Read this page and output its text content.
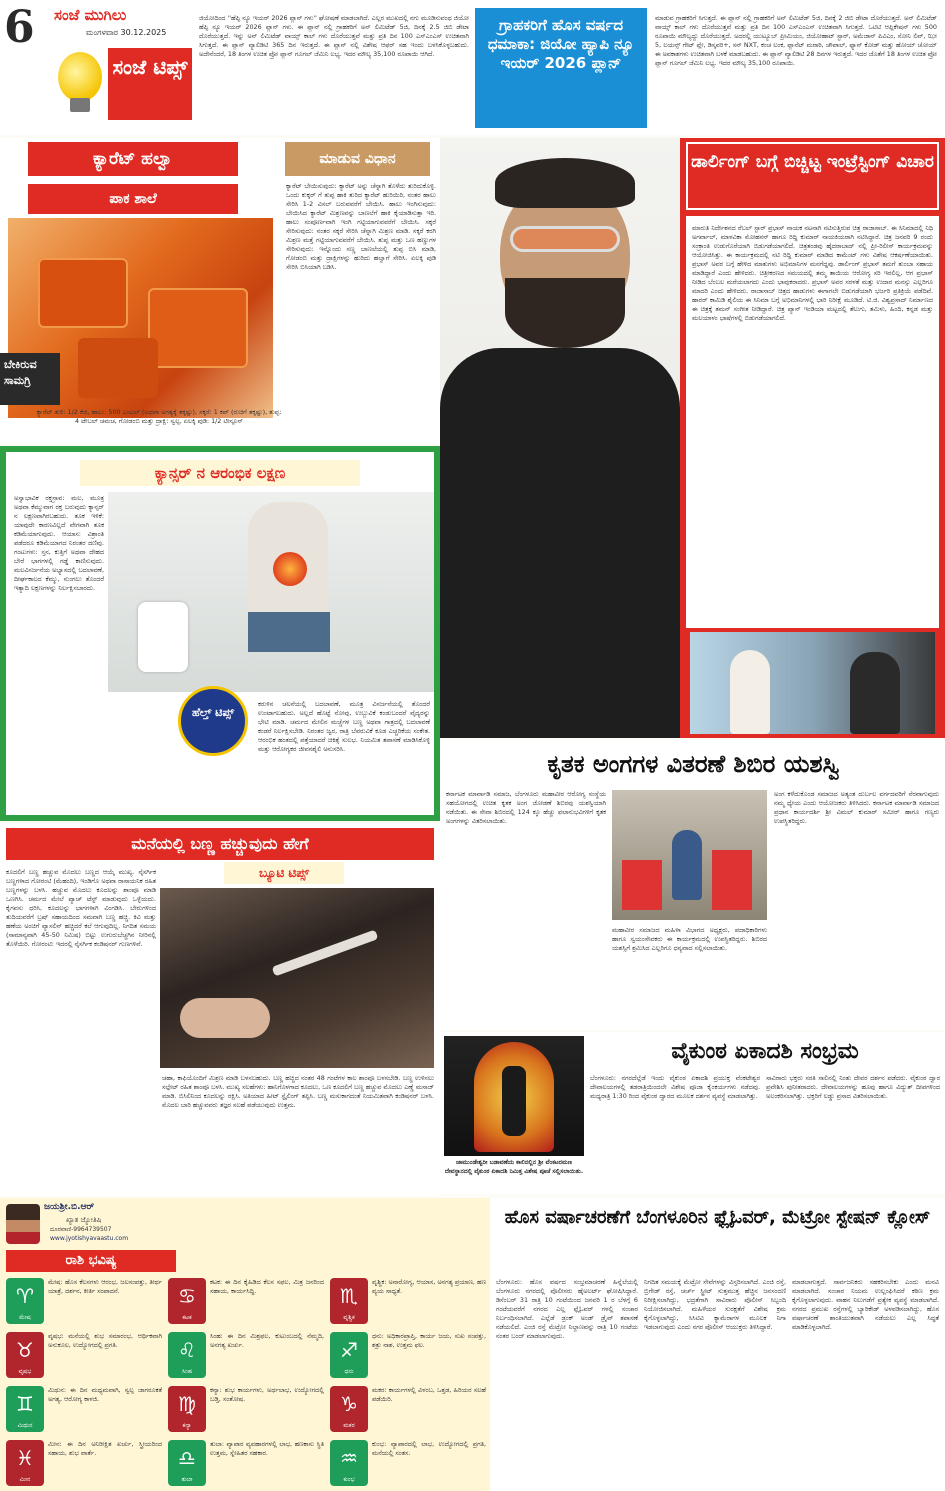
6 ಸಂಜೆ ಮುಗಿಲು
ಮಂಗಳವಾರ 30.12.2025
ಸಂಜೆ ಟಿಪ್ಸ್
ಜಿಯೋದಿಂದ ''ಹೆಪ್ಪಿ ನ್ಯೂ ಇಯರ್ 2026 ಪ್ಲಾನ್ ಗಳು'' ಘೋಷಣೆ ಮಾಡಲಾಗಿದೆ. ಎಲ್ಲರ ಮುಖದಲ್ಲಿ ನಗು ಮೂಡಿಸುವಂಥ ಜಿಯೋ ಹೆಪ್ಪಿ ನ್ಯೂ ಇಯರ್ 2026 ಪ್ಲಾನ್ ಗಳು. ಈ ಪ್ಲಾನ್ ನಲ್ಲಿ ಗ್ರಾಹಕರಿಗೆ ಅನ್ ಲಿಮಿಟೆಡ್ 5ಜಿ, ದಿನಕ್ಕೆ 2.5 ಜಿಬಿ ಡೇಟಾ ದೊರೆಯುತ್ತದೆ. ಇನ್ನು ಅನ್ ಲಿಮಿಟೆಡ್ ವಾಯ್ಸ್ ಕಾಲ್ ಗಳು ದೊರೆಯುತ್ತವೆ ಮತ್ತು ಪ್ರತಿ ದಿನ 100 ಎಸ್ಎಂಎಸ್ ಉಚಿತವಾಗಿ ಸಿಗುತ್ತದೆ. ಈ ಪ್ಲಾನ್ ವ್ಯಾಲಿಡಿಟಿ 365 ದಿನ ಇರುತ್ತದೆ. ಈ ಪ್ಲಾನ್ ನಲ್ಲಿ ವಿಶೇಷ ಆಫರ್ ಸಹ ಇಂದು ಬಳಸಿಕೊಳ್ಳಬಹುದು. ಅದೇನೆಂದರೆ, 18 ತಿಂಗಳ ಉಚಿತ ಪ್ರೋ ಪ್ಲಾನ್ ಗೂಗಲ್ ಜೆಮಿನಿ ಲಭ್ಯ. ಇದರ ಮೌಲ್ಯ 35,100 ರೂಪಾಯಿ ಆಗಿದೆ.
ಗ್ರಾಹಕರಿಗೆ ಹೊಸ ವರ್ಷದ ಧಮಾಕಾ: ಜಿಯೋ ಹ್ಯಾಪಿ ನ್ಯೂ ಇಯರ್ 2026 ಪ್ಲಾನ್
ಮಾಡುವ ಗ್ರಾಹಕರಿಗೆ ಸಿಗುತ್ತದೆ. ಈ ಪ್ಲಾನ್ ನಲ್ಲಿ ಗ್ರಾಹಕರಿಗೆ ಅನ್ ಲಿಮಿಟೆಡ್ 5ಜಿ, ದಿನಕ್ಕೆ 2 ಜಿಬಿ ಡೇಟಾ ದೊರೆಯುತ್ತದೆ. ಅನ್ ಲಿಮಿಟೆಡ್ ವಾಯ್ಸ್ ಕಾಲ್ ಗಳು ದೊರೆಯುತ್ತವೆ ಮತ್ತು ಪ್ರತಿ ದಿನ 100 ಎಸ್ಎಂಎಸ್ ಉಚಿತವಾಗಿ ಸಿಗುತ್ತದೆ. ಒಟಿಟಿ ಆಪ್ಲಿಕೇಷನ್ ಗಳು 500 ರೂಪಾಯಿ ಮೌಲ್ಯದ್ದು ದೊರೆಯುತ್ತದೆ. ಅದರಲ್ಲಿ ಯುಟ್ಯೂಬ್ ಪ್ರೀಮಿಯಂ, ಜಿಯೋಹಾಟ್ ಸ್ಟಾರ್, ಅಮೆಜಾನ್ ಪಿವಿಎಂ, ಸೋನಿ ಲಿವ್, ಝೀ 5, ಲಯನ್ಸ್ ಗೇಟ್ ಪ್ಲೇ, ಡಿಸ್ಕವರಿ+, ಸನ್ NXT, ಕಂಚ ಲಂಕ, ಪ್ಲಾನೆಟ್ ಮರಾಠಿ, ಚೌಪಾಲ್, ಫ್ಯಾನ್ ಕೋಡ್ ಮತ್ತು ಹೋಯ್ ಚೋಯ್ ಈ ಅವಕಾಶಗಳು ಉಚಿತವಾಗಿ ಬಳಕೆ ಮಾಡಬಹುದು. ಈ ಪ್ಲಾನ್ ವ್ಯಾಲಿಡಿಟಿ 28 ದಿನಗಳ ಇರುತ್ತದೆ. ಇದರ ಜೊತೆಗೆ 18 ತಿಂಗಳ ಉಚಿತ ಪ್ರೋ ಪ್ಲಾನ್ ಗೂಗಲ್ ಜೆಮಿನಿ ಲಭ್ಯ. ಇದರ ಮೌಲ್ಯ 35,100 ರೂಪಾಯಿ.
ಕ್ಯಾರೆಟ್ ಹಲ್ವಾ	ಮಾಡುವ ವಿಧಾನ
ಪಾಕ ಶಾಲೆ
ಬೇಕಿರುವ ಸಾಮಗ್ರಿ
ಕ್ಯಾರೆಟ್ ತುರಿ: 1/2 ಕೆಜಿ, ಹಾಲು: 500 ಎಂಎಲ್ (ಅಥವಾ ಅಗತ್ಯಕ್ಕೆ ತಕ್ಕಷ್ಟು), ಸಕ್ಕರೆ: 1 ಕಪ್ (ರುಚಿಗೆ ತಕ್ಕಷ್ಟು), ತುಪ್ಪ: 4 ಟೇಬಲ್ ಚಮಚ, ಗೋಡಂಬಿ ಮತ್ತು ದ್ರಾಕ್ಷಿ: ಸ್ವಲ್ಪ, ಏಲಕ್ಕಿ ಪುಡಿ: 1/2 ಟೀಸ್ಪೂನ್
ಕ್ಯಾರೆಟ್ ಬೇಯಿಸುವುದು: ಕ್ಯಾರೆಟ್ ಅನ್ನು ಚೆನ್ನಾಗಿ ತೊಳೆದು ತುರಿದುಕೊಳ್ಳಿ. ಒಂದು ಕುಕ್ಕರ್ ಗೆ ತುಪ್ಪ ಹಾಕಿ ತುರಿದ ಕ್ಯಾರೆಟ್ ಹುರಿಯಿರಿ, ನಂತರ ಹಾಲು ಸೇರಿಸಿ 1-2 ವಿಸಲ್ ಬರುವವರೆಗೆ ಬೇಯಿಸಿ. ಹಾಲು ಇಂಗಿಸುವುದು: ಬೇಯಿಸಿದ ಕ್ಯಾರೆಟ್ ಮಿಶ್ರಣವನ್ನು ಬಾಣಲೆಗೆ ಹಾಕಿ ಕೈಯಾಡಿಸುತ್ತಾ ಇರಿ. ಹಾಲು ಸಂಪೂರ್ಣವಾಗಿ ಇಂಗಿ ಗಟ್ಟಿಯಾಗುವವರೆಗೆ ಬೇಯಿಸಿ. ಸಕ್ಕರೆ ಸೇರಿಸುವುದು: ನಂತರ ಸಕ್ಕರೆ ಸೇರಿಸಿ ಚೆನ್ನಾಗಿ ಮಿಶ್ರಣ ಮಾಡಿ. ಸಕ್ಕರೆ ಕರಗಿ ಮಿಶ್ರಣ ಮತ್ತೆ ಗಟ್ಟಿಯಾಗುವವರೆಗೆ ಬೇಯಿಸಿ. ತುಪ್ಪ ಮತ್ತು ಒಣ ಹಣ್ಣುಗಳ ಸೇರಿಸುವುದು: ಇನ್ನೊಂದು ಸಣ್ಣ ಬಾಣಲೆಯಲ್ಲಿ ತುಪ್ಪ ಬಿಸಿ ಮಾಡಿ, ಗೋಡಂಬಿ ಮತ್ತು ದ್ರಾಕ್ಷಿಗಳನ್ನು ಹುರಿದು ಹಲ್ವಾಗೆ ಸೇರಿಸಿ. ಏಲಕ್ಕಿ ಪುಡಿ ಸೇರಿಸಿ ಬಿಸಿಯಾಗಿ ಬಡಿಸಿ.
ಕ್ಯಾನ್ಸರ್ ನ ಆರಂಭಿಕ ಲಕ್ಷಣ
ಅಸ್ವಾಭಾವಿಕ ರಕ್ತಸ್ರಾವ: ಮಲ, ಮೂತ್ರ ಅಥವಾ ಕೆಮ್ಮುವಾಗ ರಕ್ತ ಬರುವುದು ಕ್ಯಾನ್ಸರ್ ನ ಲಕ್ಷಣವಾಗಿರಬಹುದು. ತೂಕ ಇಳಿಕೆ: ಯಾವುದೇ ಕಾರಣವಿಲ್ಲದೆ ವೇಗವಾಗಿ ತೂಕ ಕಡಿಮೆಯಾಗುವುದು. ಆಯಾಸ: ವಿಶ್ರಾಂತಿ ಪಡೆದರೂ ಕಡಿಮೆಯಾಗದ ನಿರಂತರ ದಣಿವು. ಗಂಟುಗಳು: ಸ್ತನ, ಕುತ್ತಿಗೆ ಅಥವಾ ದೇಹದ ಬೇರೆ ಭಾಗಗಳಲ್ಲಿ ಗಡ್ಡೆ ಕಾಣಿಸುವುದು. ಮಲವಿಸರ್ಜನೆಯ ಅಭ್ಯಾಸದಲ್ಲಿ ಬದಲಾವಣೆ, ದೀರ್ಘಕಾಲದ ಕೆಮ್ಮು, ನುಂಗಲು ತೊಂದರೆ ಇತ್ಯಾದಿ ಲಕ್ಷಣಗಳನ್ನು ನಿರ್ಲಕ್ಷಿಸಬಾರದು.
ಹೆಲ್ತ್ ಟಿಪ್ಸ್
ಕರುಳಿನ ಚಲನೆಯಲ್ಲಿ ಬದಲಾವಣೆ, ಮೂತ್ರ ವಿಸರ್ಜನೆಯಲ್ಲಿ ತೊಂದರೆ ಉಂಟಾಗಬಹುದು. ಅಲ್ಲದೆ ಹೊಟ್ಟೆ ನೋವು, ಉಬ್ಬುವಿಕೆ ಕಂಡುಬಂದರೆ ವೈದ್ಯರನ್ನು ಭೇಟಿ ಮಾಡಿ. ಚರ್ಮದ ಮೇಲಿನ ಮಚ್ಚೆಗಳ ಬಣ್ಣ ಅಥವಾ ಗಾತ್ರದಲ್ಲಿ ಬದಲಾವಣೆ ಕಂಡರೆ ನಿರ್ಲಕ್ಷಿಸಬೇಡಿ. ನಿರಂತರ ಜ್ವರ, ರಾತ್ರಿ ಬೆವರುವಿಕೆ ಕೂಡ ಎಚ್ಚರಿಕೆಯ ಸಂಕೇತ. ಆರಂಭಿಕ ಹಂತದಲ್ಲಿ ಪತ್ತೆಯಾದರೆ ಚಿಕಿತ್ಸೆ ಸುಲಭ. ನಿಯಮಿತ ತಪಾಸಣೆ ಮಾಡಿಸಿಕೊಳ್ಳಿ ಮತ್ತು ಆರೋಗ್ಯಕರ ಜೀವನಶೈಲಿ ಅನುಸರಿಸಿ.
ಡಾರ್ಲಿಂಗ್ ಬಗ್ಗೆ ಬಿಚ್ಚಿಟ್ಟ ಇಂಟ್ರೆಸ್ಟಿಂಗ್ ವಿಚಾರ
ಮಾರುತಿ ನಿರ್ದೇಶನದ ರೆಬಲ್ ಸ್ಟಾರ್ ಪ್ರಭಾಸ್ ನಾಯಕ ನಟನಾಗಿ ನಟಿಸುತ್ತಿರುವ ಚಿತ್ರ ರಾಜಾಸಾಬ್. ಈ ಸಿನಿಮಾದಲ್ಲಿ ನಿಧಿ ಅಗರ್ವಾಲ್, ಮಾಳವಿಕಾ ಮೋಹನನ್ ಹಾಗೂ ರಿದ್ಧಿ ಕುಮಾರ್ ನಾಯಕಿಯರಾಗಿ ನಟಿಸಿದ್ದಾರೆ. ಚಿತ್ರ ಜನವರಿ 9 ರಂದು ಸಂಕ್ರಾಂತಿ ಉಡುಗೊರೆಯಾಗಿ ಬಿಡುಗಡೆಯಾಗಲಿದೆ. ಚಿತ್ರತಂಡವು ಹೈದರಾಬಾದ್ ನಲ್ಲಿ ಪ್ರೀ-ರಿಲೀಸ್ ಕಾರ್ಯಕ್ರಮವನ್ನು ಆಯೋಜಿಸಿತ್ತು. ಈ ಕಾರ್ಯಕ್ರಮದಲ್ಲಿ ನಟಿ ರಿದ್ಧಿ ಕುಮಾರ್ ಮಾಡಿದ ಕಾಮೆಂಟ್ ಗಳು ವಿಶೇಷ ಆಕರ್ಷಣೆಯಾಯಿತು. ಪ್ರಭಾಸ್ ಅವರ ಬಗ್ಗೆ ಹೇಳಿದ ಮಾತುಗಳು ಅಭಿಮಾನಿಗಳ ಮನಗೆದ್ದವು. ಡಾರ್ಲಿಂಗ್ ಪ್ರಭಾಸ್ ತಮಗೆ ತುಂಬಾ ಸಹಾಯ ಮಾಡಿದ್ದಾರೆ ಎಂದು ಹೇಳಿದರು. ಚಿತ್ರೀಕರಣದ ಸಮಯದಲ್ಲಿ ತಮ್ಮ ತಾಯಿಯ ಆರೋಗ್ಯ ಸರಿ ಇರಲಿಲ್ಲ, ಆಗ ಪ್ರಭಾಸ್ ನೀಡಿದ ಬೆಂಬಲ ಮರೆಯಲಾಗದು ಎಂದು ಭಾವುಕರಾದರು. ಪ್ರಭಾಸ್ ಅವರ ಸರಳತೆ ಮತ್ತು ಉದಾರ ಮನಸ್ಸು ಎಲ್ಲರಿಗೂ ಮಾದರಿ ಎಂದು ಹೇಳಿದರು. ರಾಜಾಸಾಬ್ ಚಿತ್ರದ ಹಾಡುಗಳು ಈಗಾಗಲೇ ಬಿಡುಗಡೆಯಾಗಿ ಭರ್ಜರಿ ಪ್ರತಿಕ್ರಿಯೆ ಪಡೆದಿವೆ. ಹಾರರ್ ಕಾಮಿಡಿ ಶೈಲಿಯ ಈ ಸಿನಿಮಾ ಬಗ್ಗೆ ಅಭಿಮಾನಿಗಳಲ್ಲಿ ಭಾರಿ ನಿರೀಕ್ಷೆ ಮೂಡಿದೆ. ಟಿ.ಜಿ. ವಿಶ್ವಪ್ರಸಾದ್ ನಿರ್ಮಾಣದ ಈ ಚಿತ್ರಕ್ಕೆ ತಮನ್ ಸಂಗೀತ ನೀಡಿದ್ದಾರೆ. ಚಿತ್ರ ಪ್ಯಾನ್ ಇಂಡಿಯಾ ಮಟ್ಟದಲ್ಲಿ ತೆಲುಗು, ತಮಿಳು, ಹಿಂದಿ, ಕನ್ನಡ ಮತ್ತು ಮಲಯಾಳಂ ಭಾಷೆಗಳಲ್ಲಿ ಬಿಡುಗಡೆಯಾಗಲಿದೆ.
ಮನೆಯಲ್ಲಿ ಬಣ್ಣ ಹಚ್ಚುವುದು ಹೇಗೆ
ಕೂದಲಿಗೆ ಬಣ್ಣ ಹಚ್ಚುವ ಮೊದಲು ಬಣ್ಣದ ಆಯ್ಕೆ ಮುಖ್ಯ. ನೈಸರ್ಗಿಕ ಬಣ್ಣಗಳಾದ ಗೋರಂಟಿ (ಮೆಹಂದಿ), ಇಂಡಿಗೊ ಅಥವಾ ರಾಸಾಯನಿಕ ರಹಿತ ಬಣ್ಣಗಳನ್ನು ಬಳಸಿ. ಹಚ್ಚುವ ಮೊದಲು ಕೂದಲನ್ನು ಶಾಂಪೂ ಮಾಡಿ ಒಣಗಿಸಿ. ಚರ್ಮದ ಮೇಲೆ ಪ್ಯಾಚ್ ಟೆಸ್ಟ್ ಮಾಡುವುದು ಒಳ್ಳೆಯದು. ಕೈಗವಸು ಧರಿಸಿ, ಕೂದಲನ್ನು ಭಾಗಗಳಾಗಿ ವಿಂಗಡಿಸಿ. ಬೇರುಗಳಿಂದ ತುದಿಯವರೆಗೆ ಬ್ರಷ್ ಸಹಾಯದಿಂದ ಸಮವಾಗಿ ಬಣ್ಣ ಹಚ್ಚಿ. ಕಿವಿ ಮತ್ತು ಹಣೆಯ ಅಂಚಿಗೆ ವ್ಯಾಸಲಿನ್ ಹಚ್ಚಿದರೆ ಕಲೆ ಆಗುವುದಿಲ್ಲ. ನಿಗದಿತ ಸಮಯ (ಸಾಮಾನ್ಯವಾಗಿ 45-50 ನಿಮಿಷ) ಬಿಟ್ಟು ಉಗುರುಬೆಚ್ಚಗಿನ ನೀರಿನಲ್ಲಿ ತೊಳೆಯಿರಿ. ಗೋರಂಟಿ: ಇದರಲ್ಲಿ ನೈಸರ್ಗಿಕ ಕಂಡಿಷನರ್ ಗುಣಗಳಿವೆ.
ಬ್ಯೂಟಿ ಟಿಪ್ಸ್
ಚಹಾ, ಕಾಫಿಯೊಂದಿಗೆ ಮಿಶ್ರಣ ಮಾಡಿ ಬಳಸಬಹುದು. ಬಣ್ಣ ಹಚ್ಚಿದ ನಂತರ 48 ಗಂಟೆಗಳ ಕಾಲ ಶಾಂಪೂ ಬಳಸಬೇಡಿ. ಬಣ್ಣ ಉಳಿಸಲು ಸಲ್ಫೇಟ್ ರಹಿತ ಶಾಂಪೂ ಬಳಸಿ. ಮುಖ್ಯ ಸಲಹೆಗಳು: ಹಾನಿಗೊಳಗಾದ ಕೂದಲು, ಒಣ ಕೂದಲಿಗೆ ಬಣ್ಣ ಹಚ್ಚುವ ಮೊದಲು ಎಣ್ಣೆ ಮಸಾಜ್ ಮಾಡಿ. ಬಿಸಿಲಿನಿಂದ ಕೂದಲನ್ನು ರಕ್ಷಿಸಿ. ಅತಿಯಾದ ಹೀಟ್ ಸ್ಟೈಲಿಂಗ್ ತಪ್ಪಿಸಿ. ಬಣ್ಣ ಮಸುಕಾಗದಂತೆ ನಿಯಮಿತವಾಗಿ ಕಂಡಿಷನರ್ ಬಳಸಿ. ಮೊದಲ ಬಾರಿ ಹಚ್ಚುವವರು ತಜ್ಞರ ಸಲಹೆ ಪಡೆಯುವುದು ಉತ್ತಮ.
ಕೃತಕ ಅಂಗಗಳ ವಿತರಣೆ ಶಿಬಿರ ಯಶಸ್ವಿ
ಕರ್ನಾಟಕ ಮಾರ್ವಾಡಿ ಸಮಾಜ, ಬೆಂಗಳೂರು ಮಹಾವೀರ ಆರೋಗ್ಯ ಸಂಸ್ಥೆಯ ಸಹಯೋಗದಲ್ಲಿ ಉಚಿತ ಕೃತಕ ಅಂಗ ಜೋಡಣೆ ಶಿಬಿರವು ಯಶಸ್ವಿಯಾಗಿ ನಡೆಯಿತು. ಈ ಸೇವಾ ಶಿಬಿರದಲ್ಲಿ 124 ಕ್ಕೂ ಹೆಚ್ಚು ಫಲಾನುಭವಿಗಳಿಗೆ ಕೃತಕ ಅಂಗಗಳನ್ನು ವಿತರಿಸಲಾಯಿತು.
ಮಹಾವೀರ ಸಮಾಜದ ಮಹಿಳಾ ವಿಭಾಗದ ಅಧ್ಯಕ್ಷರು, ಪದಾಧಿಕಾರಿಗಳು ಹಾಗೂ ಸ್ವಯಂಸೇವಕರು ಈ ಕಾರ್ಯಕ್ರಮದಲ್ಲಿ ಉಪಸ್ಥಿತರಿದ್ದರು. ಶಿಬಿರದ ಯಶಸ್ಸಿಗೆ ಶ್ರಮಿಸಿದ ಎಲ್ಲರಿಗೂ ಧನ್ಯವಾದ ಸಲ್ಲಿಸಲಾಯಿತು.
ಅಂಗ ಕಳೆದುಕೊಂಡ ಸಮಾಜದ ಅತ್ಯಂತ ದುರ್ಬಲ ವರ್ಗದವರಿಗೆ ನೆರವಾಗುವುದು ನಮ್ಮ ಧ್ಯೇಯ ಎಂದು ಆಯೋಜಕರು ತಿಳಿಸಿದರು. ಕರ್ನಾಟಕ ಮಾರ್ವಾಡಿ ಸಮಾಜದ ಪ್ರಧಾನ ಕಾರ್ಯದರ್ಶಿ ಶ್ರೀ ವಿಮಲ್ ಕುಮಾರ್ ಸಮೀರ್ ಹಾಗೂ ಗಣ್ಯರು ಉಪಸ್ಥಿತರಿದ್ದರು.
ಜಾಮುಂಡೇಶ್ವರೀ ಬಡಾವಣೆಯ ಕಾಲಿನಲ್ಲಿನ ಶ್ರೀ ವೆಂಕಟರಮಣ ದೇವಸ್ಥಾನದಲ್ಲಿ ವೈಕುಂಠ ಏಕಾದಶಿ ನಿಮಿತ್ತ ವಿಶೇಷ ಪೂಜೆ ಸಲ್ಲಿಸಲಾಯಿತು.
ವೈಕುಂಠ ಏಕಾದಶಿ ಸಂಭ್ರಮ
ಬೆಂಗಳೂರು: ನಗರದೆಲ್ಲೆಡೆ ಇಂದು ವೈಕುಂಠ ಏಕಾದಶಿ ಪ್ರಯುಕ್ತ ವೆಂಕಟೇಶ್ವರ ದೇವಾಲಯಗಳಲ್ಲಿ ತಡರಾತ್ರಿಯಿಂದಲೇ ವಿಶೇಷ ಪೂಜಾ ಕೈಂಕರ್ಯಗಳು ನಡೆದವು. ಮಧ್ಯರಾತ್ರಿ 1:30 ರಿಂದ ವೈಕುಂಠ ದ್ವಾರದ ಮೂಲಕ ದರ್ಶನ ವ್ಯವಸ್ಥೆ ಮಾಡಲಾಗಿತ್ತು.
ಸಾವಿರಾರು ಭಕ್ತರು ಸರತಿ ಸಾಲಿನಲ್ಲಿ ನಿಂತು ದೇವರ ದರ್ಶನ ಪಡೆದರು. ವೈಕುಂಠ ದ್ವಾರ ಪ್ರವೇಶಿಸಿ ಪುನೀತರಾದರು. ದೇವಾಲಯಗಳನ್ನು ಹೂವು ಹಾಗೂ ವಿದ್ಯುತ್ ದೀಪಗಳಿಂದ ಅಲಂಕರಿಸಲಾಗಿತ್ತು. ಭಕ್ತರಿಗೆ ಲಡ್ಡು ಪ್ರಸಾದ ವಿತರಿಸಲಾಯಿತು.
ಜಯಶ್ರೀ.ಬಿ.ಆರ್
ಖ್ಯಾತ ಜ್ಯೋತಿಷಿ
ದೂರವಾಣಿ-9964739507
www.jyotishyavaastu.com
ರಾಶಿ ಭವಿಷ್ಯ
♈
ಮೇಷ
ಮೇಷ: ಹೊಸ ಕೆಲಸಗಳು ಆರಂಭ, ಜಲಸಂಪತ್ತು, ತೀರ್ಥ ಯಾತ್ರೆ, ದರ್ಶನ, ಕೀರ್ತಿ ಸಂಪಾದನೆ.
♉
ವೃಷಭ
ವೃಷಭ: ಮನೆಯಲ್ಲಿ ಶುಭ ಸಮಾರಂಭ, ಆರ್ಥಿಕವಾಗಿ ಅನುಕೂಲ, ಉದ್ಯೋಗದಲ್ಲಿ ಪ್ರಗತಿ.
♊
ಮಿಥುನ
ಮಿಥುನ: ಈ ದಿನ ಮಧ್ಯಮವಾಗಿ, ಸ್ವಲ್ಪ ಜಾಗರೂಕತೆ ಅಗತ್ಯ, ಆರೋಗ್ಯ ಕಾಳಜಿ.
♓
ಮೀನ
ಮೀನ: ಈ ದಿನ ಅನಿರೀಕ್ಷಿತ ಖರ್ಚು, ಸ್ತ್ರೀಯರಿಂದ ಸಹಾಯ, ಶುಭ ವಾರ್ತೆ.
♋
ಕಟಕ
ಕಟಕ: ಈ ದಿನ ಕೈಹಿಡಿದ ಕೆಲಸ ಸಫಲ, ಮಿತ್ರ ಜನರಿಂದ ಸಹಾಯ, ಕಾರ್ಯಸಿದ್ಧಿ.
♌
ಸಿಂಹ
ಸಿಂಹ: ಈ ದಿನ ಮಿಶ್ರಫಲ, ಕುಟುಂಬದಲ್ಲಿ ನೆಮ್ಮದಿ, ಅನಗತ್ಯ ಖರ್ಚು.
♍
ಕನ್ಯಾ
ಕನ್ಯಾ: ಶುಭ ಕಾರ್ಯಗಳು, ಅರ್ಥಲಾಭ, ಉದ್ಯೋಗದಲ್ಲಿ ಬಡ್ತಿ, ಸಂತೋಷ.
♎
ತುಲಾ
ತುಲಾ: ವ್ಯಾಪಾರ ವ್ಯವಹಾರಗಳಲ್ಲಿ ಲಾಭ, ಹಣಕಾಸು ಸ್ಥಿತಿ ಉತ್ತಮ, ಸ್ನೇಹಿತರ ಸಹಕಾರ.
♏
ವೃಶ್ಚಿಕ
ವೃಶ್ಚಿಕ: ಅನಾರೋಗ್ಯ, ಆಯಾಸ, ಅನಗತ್ಯ ಪ್ರಯಾಣ, ಹಣ ವ್ಯಯ ಸಾಧ್ಯತೆ.
♐
ಧನು
ಧನು: ಅಧಿಕಾರಪ್ರಾಪ್ತಿ, ಕಾರ್ಯ ಜಯ, ಸುಖ ಸಂಪತ್ತು, ಶತ್ರು ನಾಶ, ಉತ್ತಮ ಫಲ.
♑
ಮಕರ
ಮಕರ: ಕಾರ್ಯಗಳಲ್ಲಿ ವಿಳಂಬ, ಒತ್ತಡ, ಹಿರಿಯರ ಸಲಹೆ ಪಡೆಯಿರಿ.
♒
ಕುಂಭ
ಕುಂಭ: ವ್ಯಾಪಾರದಲ್ಲಿ ಲಾಭ, ಉದ್ಯೋಗದಲ್ಲಿ ಪ್ರಗತಿ, ಮನೆಯಲ್ಲಿ ಸಂತಸ.
ಹೊಸ ವರ್ಷಾಚರಣೆಗೆ ಬೆಂಗಳೂರಿನ ಫ್ಲೈಓವರ್, ಮೆಟ್ರೋ ಸ್ಟೇಷನ್ ಕ್ಲೋಸ್
ಬೆಂಗಳೂರು: ಹೊಸ ವರ್ಷದ ಸಂಭ್ರಮಾಚರಣೆ ಹಿನ್ನೆಲೆಯಲ್ಲಿ ಬೆಂಗಳೂರು ನಗರದಲ್ಲಿ ಪೊಲೀಸರು ಹೈಅಲರ್ಟ್ ಘೋಷಿಸಿದ್ದಾರೆ. ಡಿಸೆಂಬರ್ 31 ರಾತ್ರಿ 10 ಗಂಟೆಯಿಂದ ಜನವರಿ 1 ರ ಬೆಳಗ್ಗೆ 6 ಗಂಟೆಯವರೆಗೆ ನಗರದ ಎಲ್ಲ ಫ್ಲೈಓವರ್ ಗಳಲ್ಲಿ ಸಂಚಾರ ನಿರ್ಬಂಧಿಸಲಾಗಿದೆ. ಎಲ್ಲೆಡೆ ಡ್ರಂಕ್ ಅಂಡ್ ಡ್ರೈವ್ ತಪಾಸಣೆ ನಡೆಯಲಿದೆ. ಎಂಜಿ ರಸ್ತೆ ಮೆಟ್ರೋ ನಿಲ್ದಾಣವನ್ನು ರಾತ್ರಿ 10 ಗಂಟೆಯ ನಂತರ ಬಂದ್ ಮಾಡಲಾಗುವುದು.
ನಿಗದಿತ ಸಮಯಕ್ಕೆ ಮೆಟ್ರೋ ಸೇವೆಗಳನ್ನು ವಿಸ್ತರಿಸಲಾಗಿದೆ. ಎಂಜಿ ರಸ್ತೆ, ಬ್ರಿಗೇಡ್ ರಸ್ತೆ, ಚರ್ಚ್ ಸ್ಟ್ರೀಟ್ ಸುತ್ತಮುತ್ತ ಹೆಚ್ಚಿನ ಜನಸಂದಣಿ ನಿರೀಕ್ಷಿಸಲಾಗಿದ್ದು, ಭದ್ರತೆಗಾಗಿ ಸಾವಿರಾರು ಪೊಲೀಸ್ ಸಿಬ್ಬಂದಿ ನಿಯೋಜಿಸಲಾಗಿದೆ. ಮಹಿಳೆಯರ ಸುರಕ್ಷತೆಗೆ ವಿಶೇಷ ಕ್ರಮ ಕೈಗೊಳ್ಳಲಾಗಿದ್ದು, ಸಿಸಿಟಿವಿ ಕ್ಯಾಮೆರಾಗಳ ಮೂಲಕ ನಿಗಾ ಇಡಲಾಗುವುದು ಎಂದು ನಗರ ಪೊಲೀಸ್ ಆಯುಕ್ತರು ತಿಳಿಸಿದ್ದಾರೆ.
ಮಾಡಲಾಗುತ್ತದೆ. ಸಾರ್ವಜನಿಕರು ಸಹಕರಿಸಬೇಕು ಎಂದು ಮನವಿ ಮಾಡಲಾಗಿದೆ. ಸಂಚಾರ ನಿಯಮ ಉಲ್ಲಂಘಿಸಿದರೆ ಕಠಿಣ ಕ್ರಮ ಕೈಗೊಳ್ಳಲಾಗುವುದು. ವಾಹನ ನಿಲುಗಡೆಗೆ ಪ್ರತ್ಯೇಕ ವ್ಯವಸ್ಥೆ ಮಾಡಲಾಗಿದೆ. ನಗರದ ಪ್ರಮುಖ ರಸ್ತೆಗಳಲ್ಲಿ ಬ್ಯಾರಿಕೇಡ್ ಅಳವಡಿಸಲಾಗಿದ್ದು, ಹೊಸ ವರ್ಷಾಚರಣೆ ಶಾಂತಿಯುತವಾಗಿ ನಡೆಯಲು ಎಲ್ಲ ಸಿದ್ಧತೆ ಮಾಡಿಕೊಳ್ಳಲಾಗಿದೆ.
